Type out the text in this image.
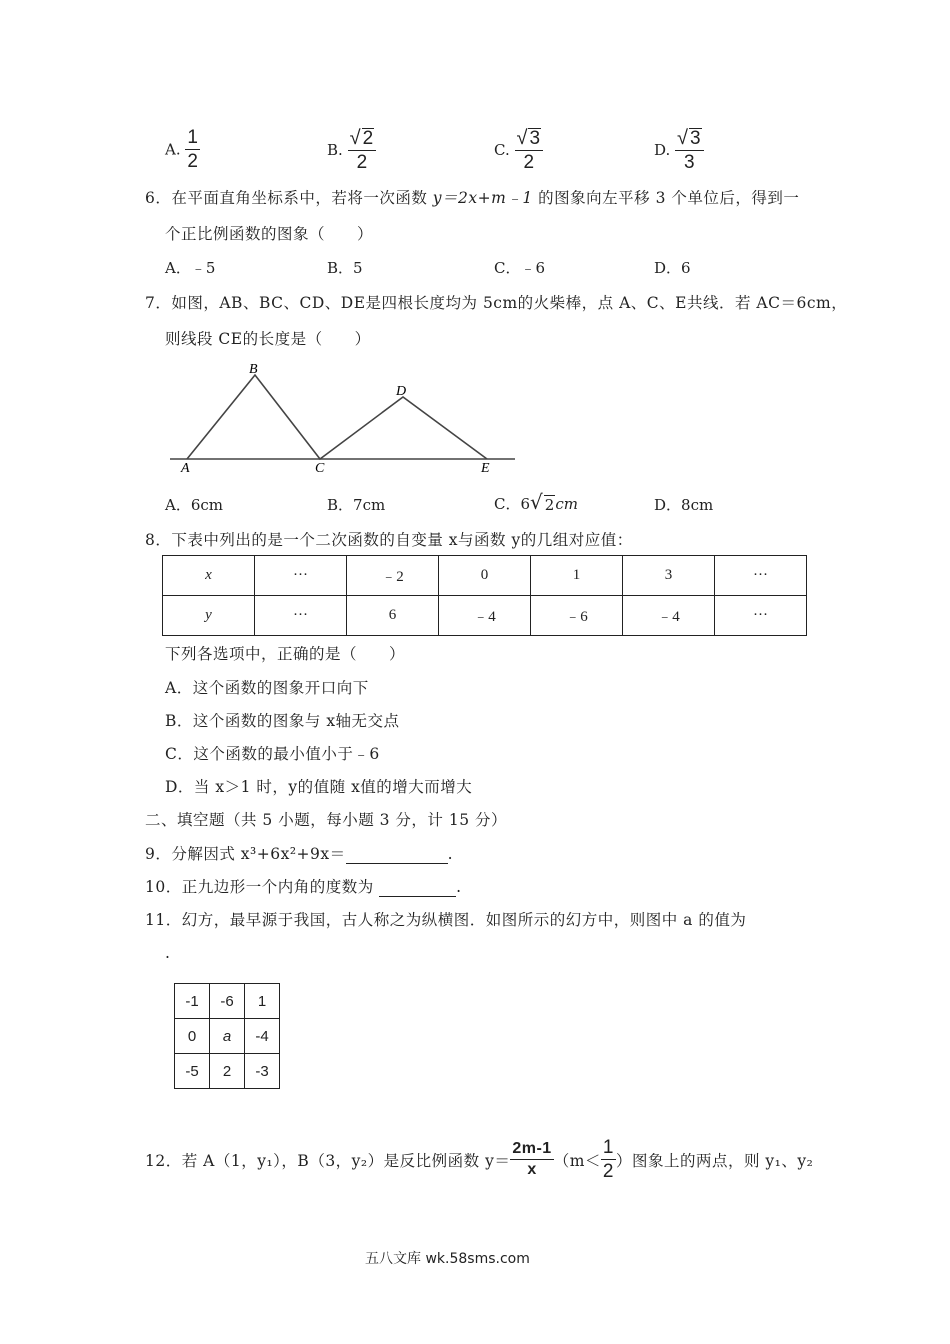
A. $\frac{1}{2}$	B. $\frac{√ 2}{2}$	C. $\frac{√ 3}{2}$	D. $\frac{√ 3}{3}$
6．在平面直角坐标系中，若将一次函数 y＝2x+m﹣1 的图象向左平移 3 个单位后，得到一
个正比例函数的图象（　　）
A．﹣5	B．5	C．﹣6	D．6
7．如图，AB、BC、CD、DE是四根长度均为 5cm的火柴棒，点 A、C、E共线．若 AC＝6cm，
则线段 CE的长度是（　　）
A
B
C
D
E
A．6cm	B．7cm	C．6 √ 2 cm	D．8cm
8．下表中列出的是一个二次函数的自变量 x与函数 y的几组对应值：
x	···	﹣2	0	1	3	···
y	···	6	﹣4	﹣6	﹣4	···
下列各选项中，正确的是（　　）
A．这个函数的图象开口向下
B．这个函数的图象与 x轴无交点
C．这个函数的最小值小于﹣6
D．当 x＞1 时，y的值随 x值的增大而增大
二、填空题（共 5 小题，每小题 3 分，计 15 分）
9．分解因式 x³+6x²+9x＝	.
10．正九边形一个内角的度数为	.
11．幻方，最早源于我国，古人称之为纵横图．如图所示的幻方中，则图中 a 的值为
.
-1	-6	1
0	a	-4
-5	2	-3
12．若 A（1，y₁），B（3，y₂）是反比例函数 $y= \frac{2m-1}{x} (m< \frac{1}{2}$ ）图象上的两点，则 y₁、y₂
五八文库 wk.58sms.com
